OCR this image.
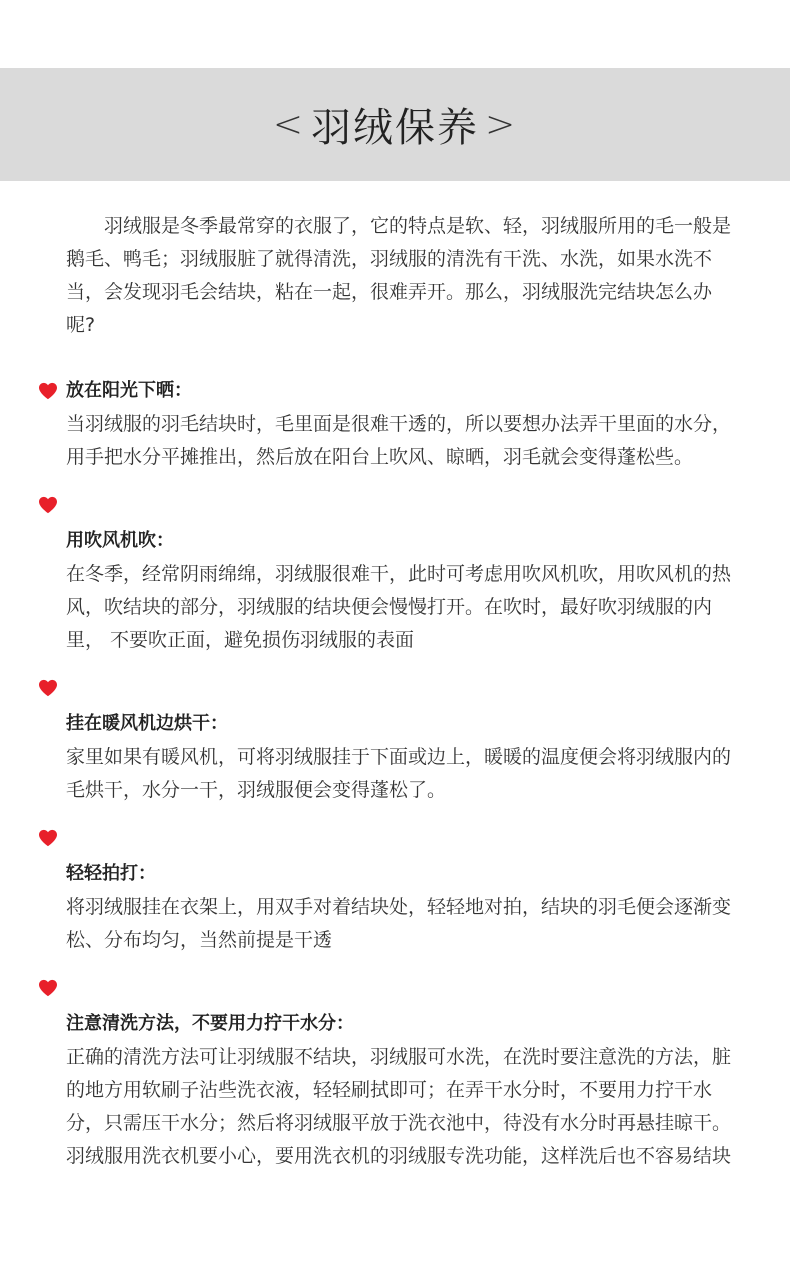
< 羽绒保养 >

羽绒服是冬季最常穿的衣服了，它的特点是软、轻，羽绒服所用的毛一般是鹅毛、鸭毛；羽绒服脏了就得清洗，羽绒服的清洗有干洗、水洗，如果水洗不当，会发现羽毛会结块，粘在一起，很难弄开。那么，羽绒服洗完结块怎么办呢?

放在阳光下晒：

当羽绒服的羽毛结块时，毛里面是很难干透的，所以要想办法弄干里面的水分，用手把水分平摊推出，然后放在阳台上吹风、晾晒，羽毛就会变得蓬松些。

用吹风机吹：

在冬季，经常阴雨绵绵，羽绒服很难干，此时可考虑用吹风机吹，用吹风机的热风，吹结块的部分，羽绒服的结块便会慢慢打开。在吹时，最好吹羽绒服的内里， 不要吹正面，避免损伤羽绒服的表面

挂在暖风机边烘干：

家里如果有暖风机，可将羽绒服挂于下面或边上，暖暖的温度便会将羽绒服内的毛烘干，水分一干，羽绒服便会变得蓬松了。

轻轻拍打：

将羽绒服挂在衣架上，用双手对着结块处，轻轻地对拍，结块的羽毛便会逐渐变松、分布均匀，当然前提是干透

注意清洗方法，不要用力拧干水分：

正确的清洗方法可让羽绒服不结块，羽绒服可水洗，在洗时要注意洗的方法，脏的地方用软刷子沾些洗衣液，轻轻刷拭即可；在弄干水分时，不要用力拧干水分，只需压干水分；然后将羽绒服平放于洗衣池中，待没有水分时再悬挂晾干。羽绒服用洗衣机要小心，要用洗衣机的羽绒服专洗功能，这样洗后也不容易结块
